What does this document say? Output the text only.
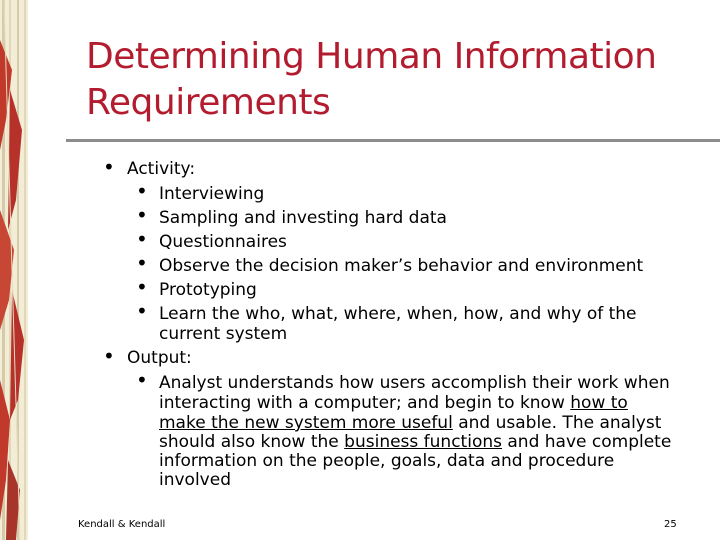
Determining Human Information Requirements
• Activity:
• Interviewing
• Sampling and investing hard data
• Questionnaires
• Observe the decision maker’s behavior and environment
• Prototyping
• Learn the who, what, where, when, how, and why of the
current system
• Output:
• Analyst understands how users accomplish their work when
interacting with a computer; and begin to know how to
make the new system more useful and usable. The analyst
should also know the business functions and have complete
information on the people, goals, data and procedure
involved
Kendall & Kendall	25
